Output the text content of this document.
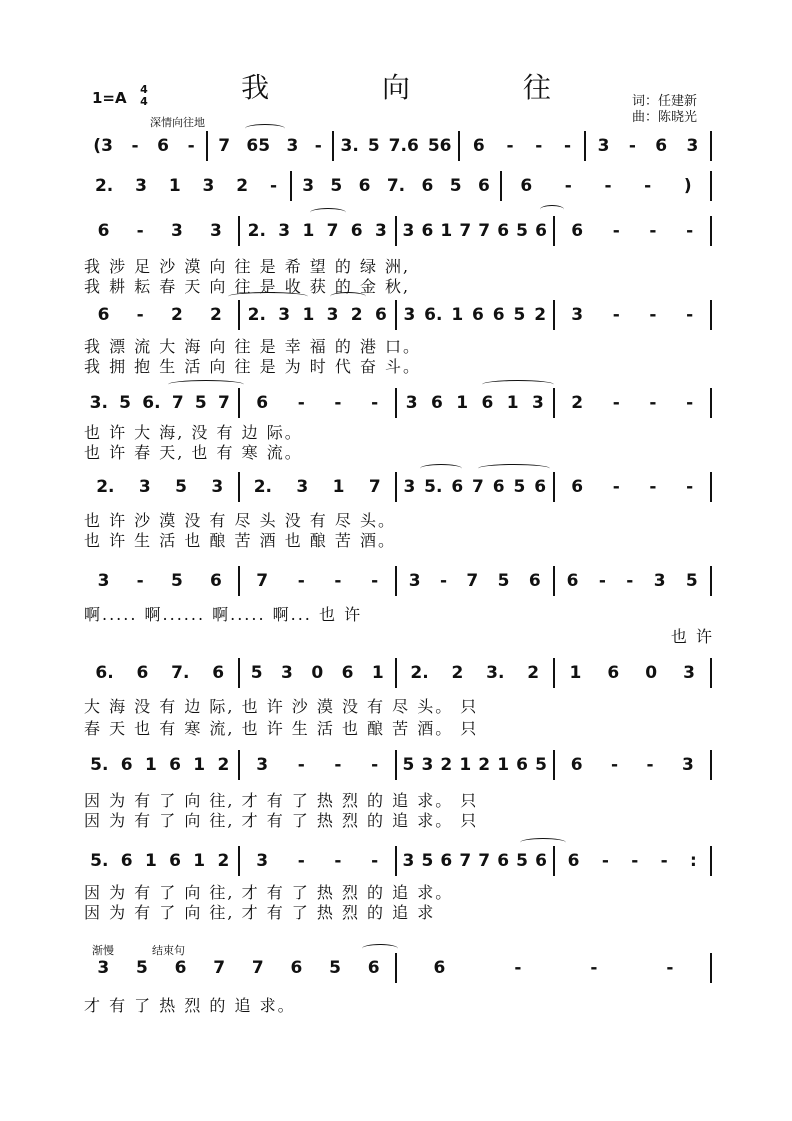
我 向 往
1=A 4
4
深情向往地
词：任建新
曲：陈晓光
(3 - 6 - 7 65 3 - 3. 5 7.6 56 6 - - - 3 - 6 3
2. 3 1 3 2 - 3 5 6 7. 6 5 6 6 - - - )
6 - 3 3 2. 3 1 7 6 3 3 6 1 7 7 6 5 6 6 - - -
我 涉 足 沙 漠 向 往 是 希 望 的 绿 洲,
我 耕 耘 春 天 向 往 是 收 获 的 金 秋,
6 - 2 2 2. 3 1 3 2 6 3 6. 1 6 6 5 2 3 - - -
我 漂 流 大 海 向 往 是 幸 福 的 港 口。
我 拥 抱 生 活 向 往 是 为 时 代 奋 斗。
3. 5 6. 7 5 7 6 - - - 3 6 1 6 1 3 2 - - -
也 许 大 海, 没 有 边 际。
也 许 春 天, 也 有 寒 流。
2. 3 5 3 2. 3 1 7 3 5. 6 7 6 5 6 6 - - -
也 许 沙 漠 没 有 尽 头 没 有 尽 头。
也 许 生 活 也 酿 苦 酒 也 酿 苦 酒。
3 - 5 6 7 - - - 3 - 7 5 6 6 - - 3 5
啊..... 啊...... 啊..... 啊... 也 许
也 许
6. 6 7. 6 5 3 0 6 1 2. 2 3. 2 1 6 0 3
大 海 没 有 边 际, 也 许 沙 漠 没 有 尽 头。 只
春 天 也 有 寒 流, 也 许 生 活 也 酿 苦 酒。 只
5. 6 1 6 1 2 3 - - - 5 3 2 1 2 1 6 5 6 - - 3
因 为 有 了 向 往, 才 有 了 热 烈 的 追 求。 只
因 为 有 了 向 往, 才 有 了 热 烈 的 追 求。 只
5. 6 1 6 1 2 3 - - - 3 5 6 7 7 6 5 6 6 - - - :
因 为 有 了 向 往, 才 有 了 热 烈 的 追 求。
因 为 有 了 向 往, 才 有 了 热 烈 的 追 求
渐慢	结束句
3 5 6 7 7 6 5 6	6	-	-	-
才 有 了 热 烈 的 追 求。
